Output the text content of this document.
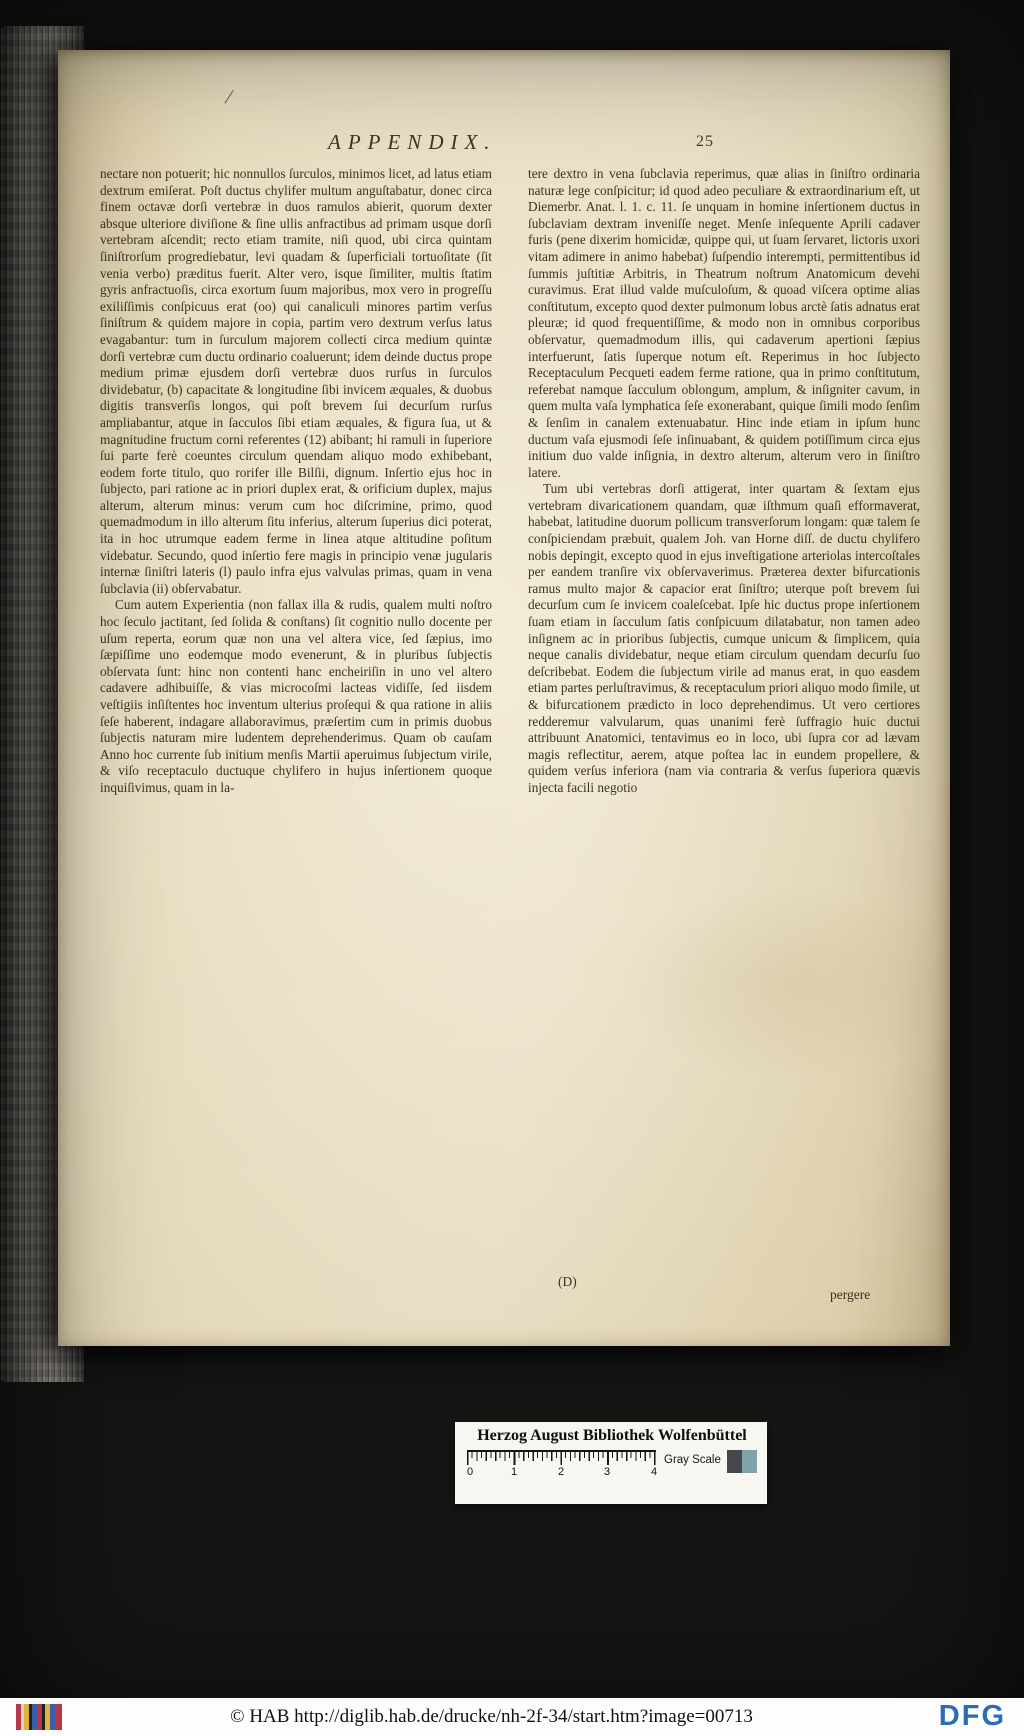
/
APPENDIX.	25

nectare non potuerit; hic nonnullos ſurculos, minimos licet, ad latus etiam dextrum emiſerat. Poſt ductus chylifer multum anguſtabatur, donec circa finem octavæ dorſi vertebræ in duos ramulos abierit, quorum dexter absque ulteriore diviſione & ſine ullis anfractibus ad primam usque dorſi vertebram aſcendit; recto etiam tramite, niſi quod, ubi circa quintam ſiniſtrorſum progrediebatur, levi quadam & ſuperficiali tortuoſitate (ſit venia verbo) præditus fuerit. Alter vero, isque ſimiliter, multis ſtatim gyris anfractuoſis, circa exortum ſuum majoribus, mox vero in progreſſu exiliſſimis conſpicuus erat (oo) qui canaliculi minores partim verſus ſiniſtrum & quidem majore in copia, partim vero dextrum verſus latus evagabantur: tum in ſurculum majorem collecti circa medium quintæ dorſi vertebræ cum ductu ordinario coaluerunt; idem deinde ductus prope medium primæ ejusdem dorſi vertebræ duos rurſus in ſurculos dividebatur, (b) capacitate & longitudine ſibi invicem æquales, & duobus digitis transverſis longos, qui poſt brevem ſui decurſum rurſus ampliabantur, atque in ſacculos ſibi etiam æquales, & figura ſua, ut & magnitudine fructum corni referentes (12) abibant; hi ramuli in ſuperiore ſui parte ferè coeuntes circulum quendam aliquo modo exhibebant, eodem forte titulo, quo rorifer ille Bilſii, dignum. Inſertio ejus hoc in ſubjecto, pari ratione ac in priori duplex erat, & orificium duplex, majus alterum, alterum minus: verum cum hoc diſcrimine, primo, quod quemadmodum in illo alterum ſitu inferius, alterum ſuperius dici poterat, ita in hoc utrumque eadem ferme in linea atque altitudine poſitum videbatur. Secundo, quod inſertio fere magis in principio venæ jugularis internæ ſiniſtri lateris (l) paulo infra ejus valvulas primas, quam in vena ſubclavia (ii) obſervabatur.

Cum autem Experientia (non fallax illa & rudis, qualem multi noſtro hoc ſeculo jactitant, ſed ſolida & conſtans) ſit cognitio nullo docente per uſum reperta, eorum quæ non una vel altera vice, ſed ſæpius, imo ſæpiſſime uno eodemque modo evenerunt, & in pluribus ſubjectis obſervata ſunt: hinc non contenti hanc encheiriſin in uno vel altero cadavere adhibuiſſe, & vias microcoſmi lacteas vidiſſe, ſed iisdem veſtigiis inſiſtentes hoc inventum ulterius proſequi & qua ratione in aliis ſeſe haberent, indagare allaboravimus, præſertim cum in primis duobus ſubjectis naturam mire ludentem deprehenderimus. Quam ob cauſam Anno hoc currente ſub initium menſis Martii aperuimus ſubjectum virile, & viſo receptaculo ductuque chylifero in hujus inſertionem quoque inquiſivimus, quam in la-

tere dextro in vena ſubclavia reperimus, quæ alias in ſiniſtro ordinaria naturæ lege conſpicitur; id quod adeo peculiare & extraordinarium eſt, ut Diemerbr. Anat. l. 1. c. 11. ſe unquam in homine inſertionem ductus in ſubclaviam dextram inveniſſe neget. Menſe inſequente Aprili cadaver furis (pene dixerim homicidæ, quippe qui, ut ſuam ſervaret, lictoris uxori vitam adimere in animo habebat) ſuſpendio interempti, permittentibus id ſummis juſtitiæ Arbitris, in Theatrum noſtrum Anatomicum devehi curavimus. Erat illud valde muſculoſum, & quoad viſcera optime alias conſtitutum, excepto quod dexter pulmonum lobus arctè ſatis adnatus erat pleuræ; id quod frequentiſſime, & modo non in omnibus corporibus obſervatur, quemadmodum illis, qui cadaverum apertioni ſæpius interfuerunt, ſatis ſuperque notum eſt. Reperimus in hoc ſubjecto Receptaculum Pecqueti eadem ferme ratione, qua in primo conſtitutum, referebat namque ſacculum oblongum, amplum, & inſigniter cavum, in quem multa vaſa lymphatica ſeſe exonerabant, quique ſimili modo ſenſim & ſenſim in canalem extenuabatur. Hinc inde etiam in ipſum hunc ductum vaſa ejusmodi ſeſe inſinuabant, & quidem potiſſimum circa ejus initium duo valde inſignia, in dextro alterum, alterum vero in ſiniſtro latere.

Tum ubi vertebras dorſi attigerat, inter quartam & ſextam ejus vertebram divaricationem quandam, quæ iſthmum quaſi efformaverat, habebat, latitudine duorum pollicum transverſorum longam: quæ talem ſe conſpiciendam præbuit, qualem Joh. van Horne diſſ. de ductu chylifero nobis depingit, excepto quod in ejus inveſtigatione arteriolas intercoſtales per eandem tranſire vix obſervaverimus. Præterea dexter bifurcationis ramus multo major & capacior erat ſiniſtro; uterque poſt brevem ſui decurſum cum ſe invicem coaleſcebat. Ipſe hic ductus prope inſertionem ſuam etiam in ſacculum ſatis conſpicuum dilatabatur, non tamen adeo inſignem ac in prioribus ſubjectis, cumque unicum & ſimplicem, quia neque canalis dividebatur, neque etiam circulum quendam decurſu ſuo deſcribebat. Eodem die ſubjectum virile ad manus erat, in quo easdem etiam partes perluſtravimus, & receptaculum priori aliquo modo ſimile, ut & bifurcationem prædicto in loco deprehendimus. Ut vero certiores redderemur valvularum, quas unanimi ferè ſuffragio huic ductui attribuunt Anatomici, tentavimus eo in loco, ubi ſupra cor ad lævam magis reflectitur, aerem, atque poſtea lac in eundem propellere, & quidem verſus inferiora (nam via contraria & verſus ſuperiora quævis injecta facili negotio

(D)
pergere
Herzog August Bibliothek Wolfenbüttel
0	1	2	3	4
Gray Scale
© HAB http://diglib.hab.de/drucke/nh-2f-34/start.htm?image=00713	DFG
